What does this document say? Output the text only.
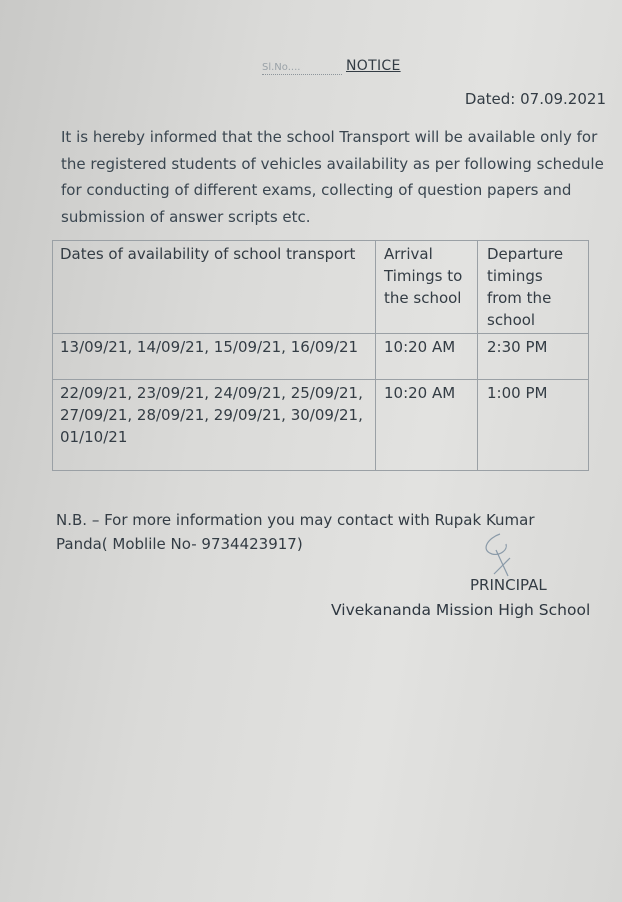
Sl.No....	NOTICE
Dated: 07.09.2021
It is hereby informed that the school Transport will be available only for the registered students of vehicles availability as per following schedule for conducting of different exams, collecting of question papers and submission of answer scripts etc.
Dates of availability of school transport	Arrival Timings to the school	Departure timings from the school
13/09/21, 14/09/21, 15/09/21, 16/09/21	10:20 AM	2:30 PM
22/09/21, 23/09/21, 24/09/21, 25/09/21, 27/09/21, 28/09/21, 29/09/21, 30/09/21, 01/10/21	10:20 AM	1:00 PM
N.B. – For more information you may contact with Rupak Kumar Panda( Moblile No- 9734423917)
PRINCIPAL
Vivekananda Mission High School
